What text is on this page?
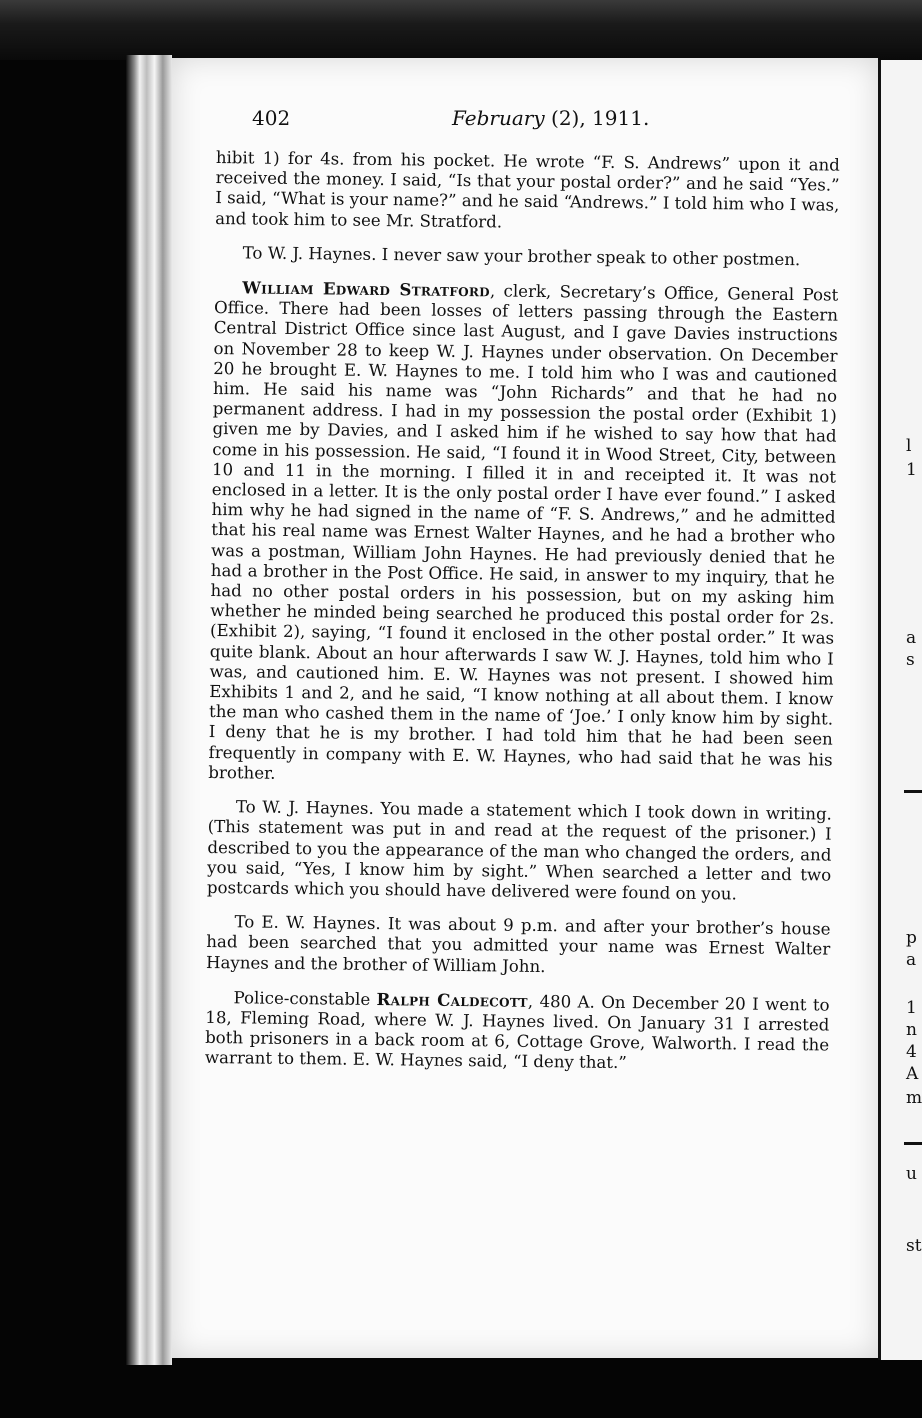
l
1
a
s
p
a
1
n
4
A
m
u
st
402	February (2), 1911.

hibit 1) for 4s. from his pocket. He wrote “F. S. Andrews” upon it and received the money. I said, “Is that your postal order?” and he said “Yes.” I said, “What is your name?” and he said “Andrews.” I told him who I was, and took him to see Mr. Stratford.

To W. J. Haynes. I never saw your brother speak to other postmen.

William Edward Stratford, clerk, Secretary’s Office, General Post Office. There had been losses of letters passing through the Eastern Central District Office since last August, and I gave Davies instructions on November 28 to keep W. J. Haynes under observation. On December 20 he brought E. W. Haynes to me. I told him who I was and cautioned him. He said his name was “John Richards” and that he had no permanent address. I had in my possession the postal order (Exhibit 1) given me by Davies, and I asked him if he wished to say how that had come in his possession. He said, “I found it in Wood Street, City, between 10 and 11 in the morning. I filled it in and receipted it. It was not enclosed in a letter. It is the only postal order I have ever found.” I asked him why he had signed in the name of “F. S. Andrews,” and he admitted that his real name was Ernest Walter Haynes, and he had a brother who was a postman, William John Haynes. He had previously denied that he had a brother in the Post Office. He said, in answer to my inquiry, that he had no other postal orders in his possession, but on my asking him whether he minded being searched he produced this postal order for 2s. (Exhibit 2), saying, “I found it enclosed in the other postal order.” It was quite blank. About an hour afterwards I saw W. J. Haynes, told him who I was, and cautioned him. E. W. Haynes was not present. I showed him Exhibits 1 and 2, and he said, “I know nothing at all about them. I know the man who cashed them in the name of ‘Joe.’ I only know him by sight. I deny that he is my brother. I had told him that he had been seen frequently in company with E. W. Haynes, who had said that he was his brother.

To W. J. Haynes. You made a statement which I took down in writing. (This statement was put in and read at the request of the prisoner.) I described to you the appearance of the man who changed the orders, and you said, “Yes, I know him by sight.” When searched a letter and two postcards which you should have delivered were found on you.

To E. W. Haynes. It was about 9 p.m. and after your brother’s house had been searched that you admitted your name was Ernest Walter Haynes and the brother of William John.

Police-constable Ralph Caldecott, 480 A. On December 20 I went to 18, Fleming Road, where W. J. Haynes lived. On January 31 I arrested both prisoners in a back room at 6, Cottage Grove, Walworth. I read the warrant to them. E. W. Haynes said, “I deny that.”
